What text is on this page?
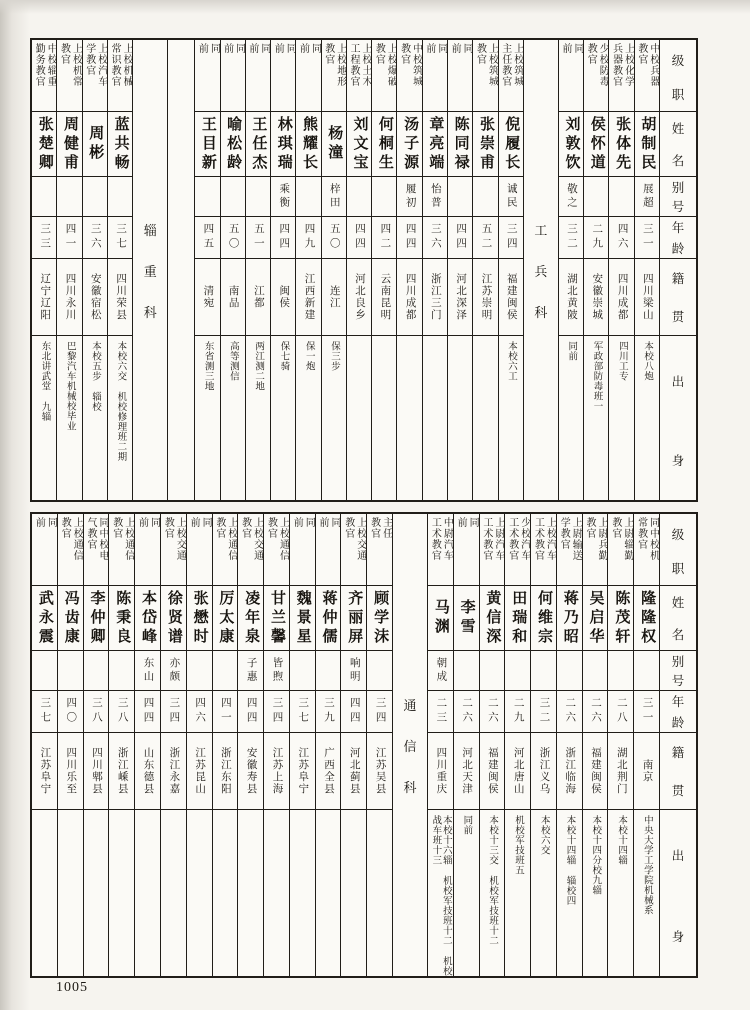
级
职
姓
名
别
号
年
龄
籍
贯
出
身
中校兵器教官
胡制民
展超
三一
四川梁山
本校八炮
上校化学兵器教官
张体先
四六
四川成都
四川工专
少校防毒教官
侯怀道
二九
安徽崇城
军政部防毒班一
同前
刘敦饮
敬之
三二
湖北黄陂
同前
工
兵
科
上校筑城主任教官
倪履长
诚民
三四
福建闽侯
本校六工
上校筑城教官
张崇甫
五二
江苏崇明
同前
陈同禄
四四
河北深泽
同前
章亮端
怡普
三六
浙江三门
中校筑城教官
汤子源
履初
四四
四川成都
上校爆破教官
何桐生
四二
云南昆明
上校土木工程教官
刘文宝
四四
河北良乡
上校地形教官
杨潼
梓田
五〇
连江
保三步
同前
熊耀长
四九
江西新建
保一炮
同前
林琪瑞
乘衡
四四
闽侯
保七骑
同前
王任杰
五一
江都
两江测二地
同前
喻松龄
五〇
南品
高等测信
同前
王目新
四五
清宛
东省测三地
辎
重
科
上校机械常识教官
蓝共畅
三七
四川荣县
本校六交 机校修理班二期
上校汽车学教官
周彬
三六
安徽宿松
本校五步 辎校
上校机常教官
周健甫
四一
四川永川
巴黎汽车机械校毕业
中校辎重勤务教官
张楚卿
三三
辽宁辽阳
东北讲武堂 九辎
级
职
姓
名
别
号
年
龄
籍
贯
出
身
同中校机常教官
隆隆权
三一
南京
中央大学工学院机械系
上尉辎勤教官
陈茂轩
二八
湖北荆门
本校十四辎
上尉兵勤教官
吴启华
二六
福建闽侯
本校十四分校九辎
上尉输送学教官
蒋乃昭
二六
浙江临海
本校十四辎 辎校四
上校汽车工术教官
何维宗
三二
浙江义乌
本校六交
少校汽车工术教官
田瑞和
二九
河北唐山
机校军技班五
上尉汽车工术教官
黄信深
二六
福建闽侯
本校十三交 机校军技班十二
同前
李雪
二六
河北天津
同前
中尉汽车工术教官
马渊
朝成
二三
四川重庆
本校十六辎 机校军技班十二 机校战车班十三
通
信
科
主任教官
顾学沫
三四
江苏吴县
上校交通教官
齐丽屏
响明
四四
河北蓟县
同前
蒋仲儒
三九
广西全县
同前
魏景星
三七
江苏阜宁
上校通信教官
甘兰馨
皆煦
三四
江苏上海
上校交通教官
凌年泉
子惠
四四
安徽寿县
上校通信教官
厉太康
四一
浙江东阳
同前
张懋时
四六
江苏昆山
上校交通教官
徐贤谱
亦颇
三四
浙江永嘉
同前
本岱峰
东山
四四
山东德县
上校通信教官
陈秉良
三八
浙江嵊县
同中校电气教官
李仲卿
三八
四川郫县
上校通信教官
冯齿康
四〇
四川乐至
同前
武永震
三七
江苏阜宁
1005
